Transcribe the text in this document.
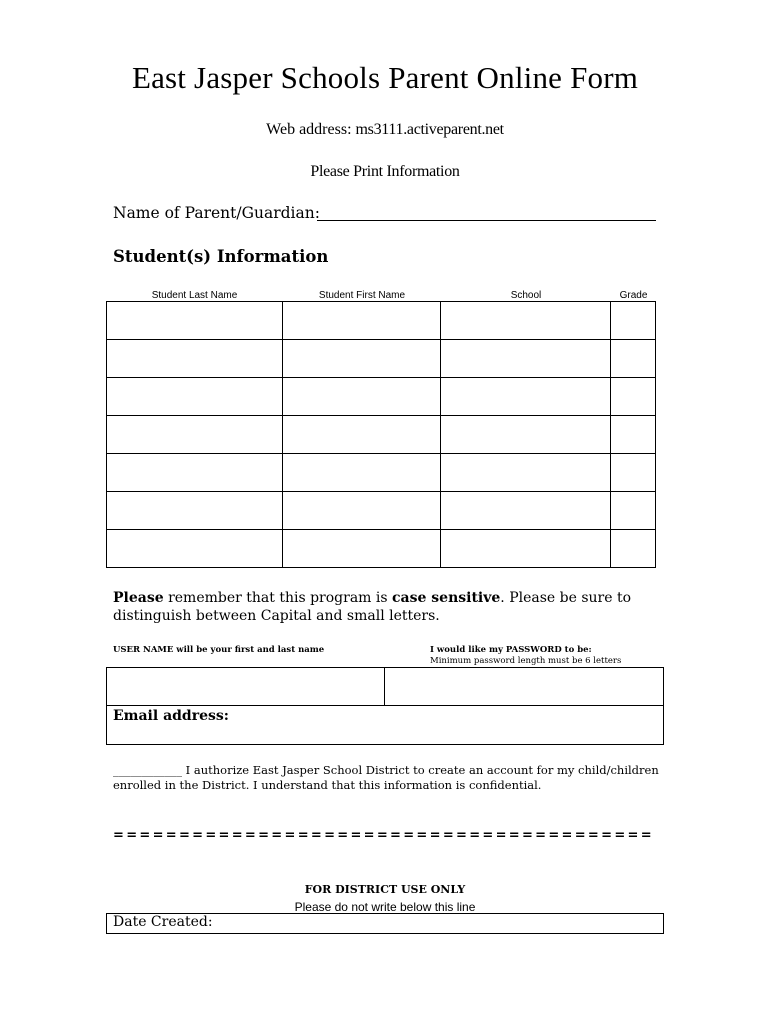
East Jasper Schools Parent Online Form
Web address: ms3111.activeparent.net
Please Print Information
Name of Parent/Guardian:
Student(s) Information
Student Last Name	Student First Name	School	Grade

Please remember that this program is case sensitive. Please be sure to distinguish between Capital and small letters.
USER NAME will be your first and last name	I would like my PASSWORD to be:
Minimum password length must be 6 letters
Email address:
____________ I authorize East Jasper School District to create an account for my child/children enrolled in the District. I understand that this information is confidential.
=========================================
FOR DISTRICT USE ONLY
Please do not write below this line
Date Created:
